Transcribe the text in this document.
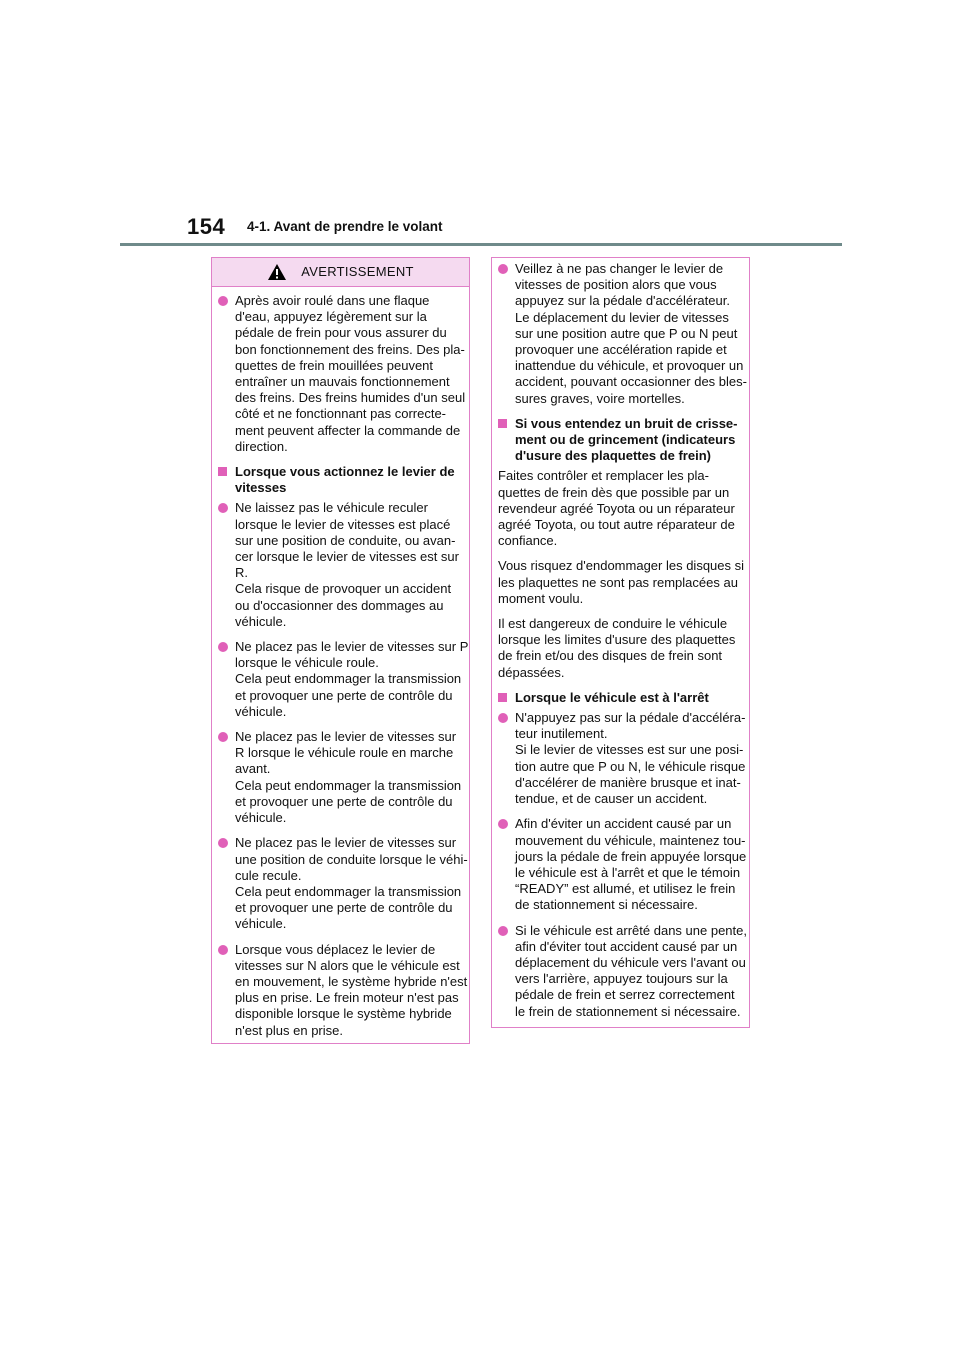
154 4-1. Avant de prendre le volant
AVERTISSEMENT
Après avoir roulé dans une flaque
d'eau, appuyez légèrement sur la
pédale de frein pour vous assurer du
bon fonctionnement des freins. Des pla-
quettes de frein mouillées peuvent
entraîner un mauvais fonctionnement
des freins. Des freins humides d'un seul
côté et ne fonctionnant pas correcte-
ment peuvent affecter la commande de
direction.
Lorsque vous actionnez le levier de
vitesses
Ne laissez pas le véhicule reculer
lorsque le levier de vitesses est placé
sur une position de conduite, ou avan-
cer lorsque le levier de vitesses est sur
R.
Cela risque de provoquer un accident
ou d'occasionner des dommages au
véhicule.
Ne placez pas le levier de vitesses sur P
lorsque le véhicule roule.
Cela peut endommager la transmission
et provoquer une perte de contrôle du
véhicule.
Ne placez pas le levier de vitesses sur
R lorsque le véhicule roule en marche
avant.
Cela peut endommager la transmission
et provoquer une perte de contrôle du
véhicule.
Ne placez pas le levier de vitesses sur
une position de conduite lorsque le véhi-
cule recule.
Cela peut endommager la transmission
et provoquer une perte de contrôle du
véhicule.
Lorsque vous déplacez le levier de
vitesses sur N alors que le véhicule est
en mouvement, le système hybride n'est
plus en prise. Le frein moteur n'est pas
disponible lorsque le système hybride
n'est plus en prise.
Veillez à ne pas changer le levier de
vitesses de position alors que vous
appuyez sur la pédale d'accélérateur.
Le déplacement du levier de vitesses
sur une position autre que P ou N peut
provoquer une accélération rapide et
inattendue du véhicule, et provoquer un
accident, pouvant occasionner des bles-
sures graves, voire mortelles.
Si vous entendez un bruit de crisse-
ment ou de grincement (indicateurs
d'usure des plaquettes de frein)
Faites contrôler et remplacer les pla-
quettes de frein dès que possible par un
revendeur agréé Toyota ou un réparateur
agréé Toyota, ou tout autre réparateur de
confiance.
Vous risquez d'endommager les disques si
les plaquettes ne sont pas remplacées au
moment voulu.
Il est dangereux de conduire le véhicule
lorsque les limites d'usure des plaquettes
de frein et/ou des disques de frein sont
dépassées.
Lorsque le véhicule est à l'arrêt
N'appuyez pas sur la pédale d'accéléra-
teur inutilement.
Si le levier de vitesses est sur une posi-
tion autre que P ou N, le véhicule risque
d'accélérer de manière brusque et inat-
tendue, et de causer un accident.
Afin d'éviter un accident causé par un
mouvement du véhicule, maintenez tou-
jours la pédale de frein appuyée lorsque
le véhicule est à l'arrêt et que le témoin
“READY” est allumé, et utilisez le frein
de stationnement si nécessaire.
Si le véhicule est arrêté dans une pente,
afin d'éviter tout accident causé par un
déplacement du véhicule vers l'avant ou
vers l'arrière, appuyez toujours sur la
pédale de frein et serrez correctement
le frein de stationnement si nécessaire.
